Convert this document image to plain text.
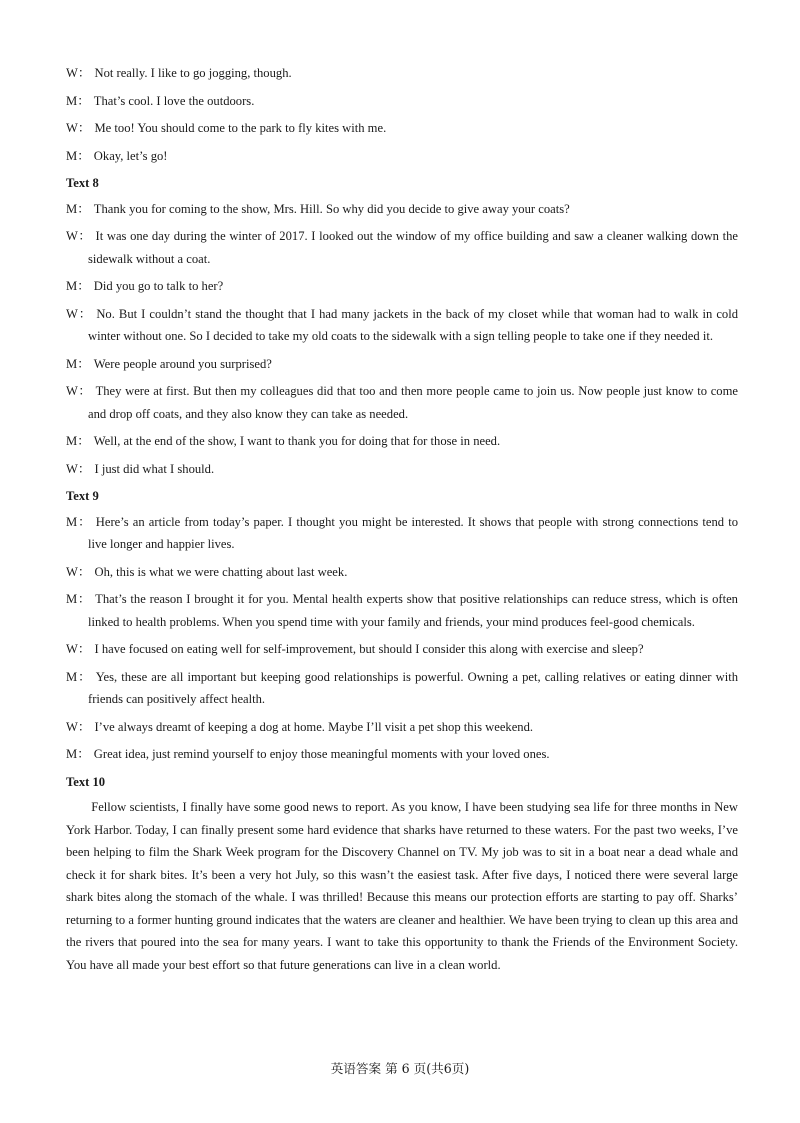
W： Not really. I like to go jogging, though.

M： That’s cool. I love the outdoors.

W： Me too! You should come to the park to fly kites with me.

M： Okay, let’s go!

Text 8

M： Thank you for coming to the show, Mrs. Hill. So why did you decide to give away your coats?

W： It was one day during the winter of 2017. I looked out the window of my office building and saw a cleaner walking down the sidewalk without a coat.

M： Did you go to talk to her?

W： No. But I couldn’t stand the thought that I had many jackets in the back of my closet while that woman had to walk in cold winter without one. So I decided to take my old coats to the sidewalk with a sign telling people to take one if they needed it.

M： Were people around you surprised?

W： They were at first. But then my colleagues did that too and then more people came to join us. Now people just know to come and drop off coats, and they also know they can take as needed.

M： Well, at the end of the show, I want to thank you for doing that for those in need.

W： I just did what I should.

Text 9

M： Here’s an article from today’s paper. I thought you might be interested. It shows that people with strong connections tend to live longer and happier lives.

W： Oh, this is what we were chatting about last week.

M： That’s the reason I brought it for you. Mental health experts show that positive relationships can reduce stress, which is often linked to health problems. When you spend time with your family and friends, your mind produces feel-good chemicals.

W： I have focused on eating well for self-improvement, but should I consider this along with exercise and sleep?

M： Yes, these are all important but keeping good relationships is powerful. Owning a pet, calling relatives or eating dinner with friends can positively affect health.

W： I’ve always dreamt of keeping a dog at home. Maybe I’ll visit a pet shop this weekend.

M： Great idea, just remind yourself to enjoy those meaningful moments with your loved ones.

Text 10

Fellow scientists, I finally have some good news to report. As you know, I have been studying sea life for three months in New York Harbor. Today, I can finally present some hard evidence that sharks have returned to these waters. For the past two weeks, I’ve been helping to film the Shark Week program for the Discovery Channel on TV. My job was to sit in a boat near a dead whale and check it for shark bites. It’s been a very hot July, so this wasn’t the easiest task. After five days, I noticed there were several large shark bites along the stomach of the whale. I was thrilled! Because this means our protection efforts are starting to pay off. Sharks’ returning to a former hunting ground indicates that the waters are cleaner and healthier. We have been trying to clean up this area and the rivers that poured into the sea for many years. I want to take this opportunity to thank the Friends of the Environment Society. You have all made your best effort so that future generations can live in a clean world.

英语答案 第 6 页(共6页)
